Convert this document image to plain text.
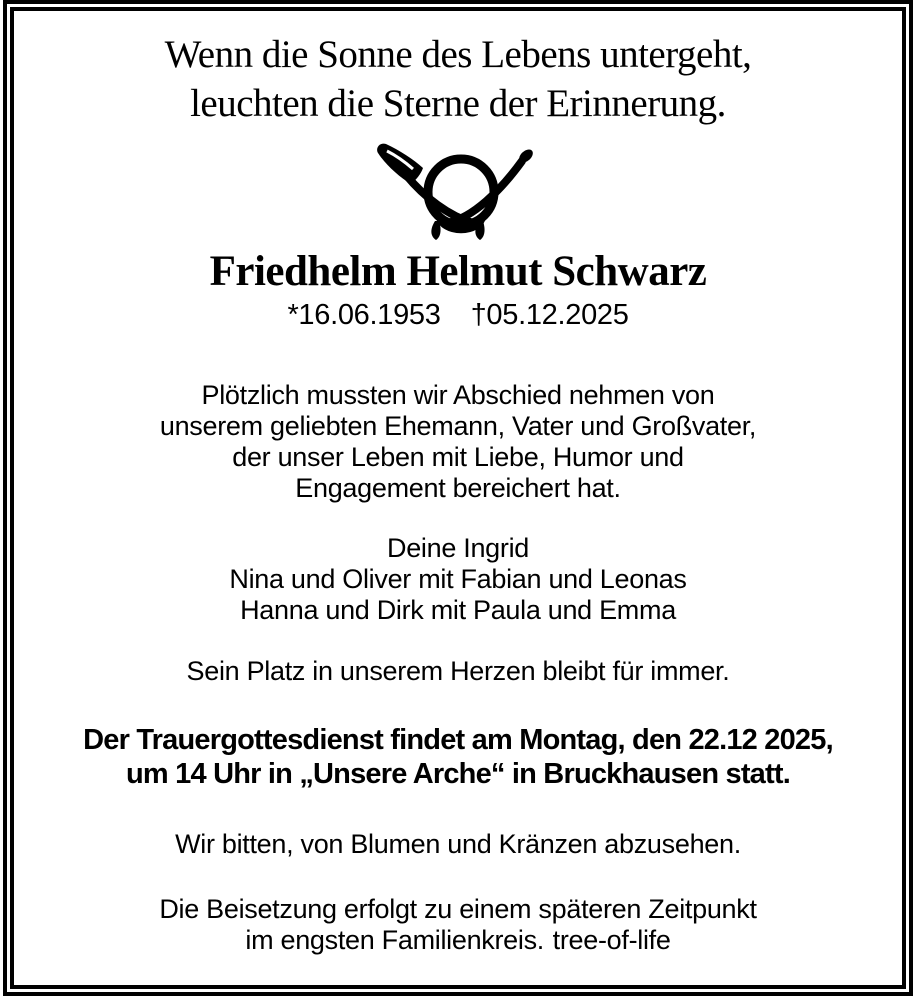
Wenn die Sonne des Lebens untergeht,
leuchten die Sterne der Erinnerung.
Friedhelm Helmut Schwarz
*16.06.1953 †05.12.2025
Plötzlich mussten wir Abschied nehmen von
unserem geliebten Ehemann, Vater und Großvater,
der unser Leben mit Liebe, Humor und
Engagement bereichert hat.
Deine Ingrid
Nina und Oliver mit Fabian und Leonas
Hanna und Dirk mit Paula und Emma
Sein Platz in unserem Herzen bleibt für immer.
Der Trauergottesdienst findet am Montag, den 22.12 2025,
um 14 Uhr in „Unsere Arche“ in Bruckhausen statt.
Wir bitten, von Blumen und Kränzen abzusehen.
Die Beisetzung erfolgt zu einem späteren Zeitpunkt
im engsten Familienkreis. tree-of-life
